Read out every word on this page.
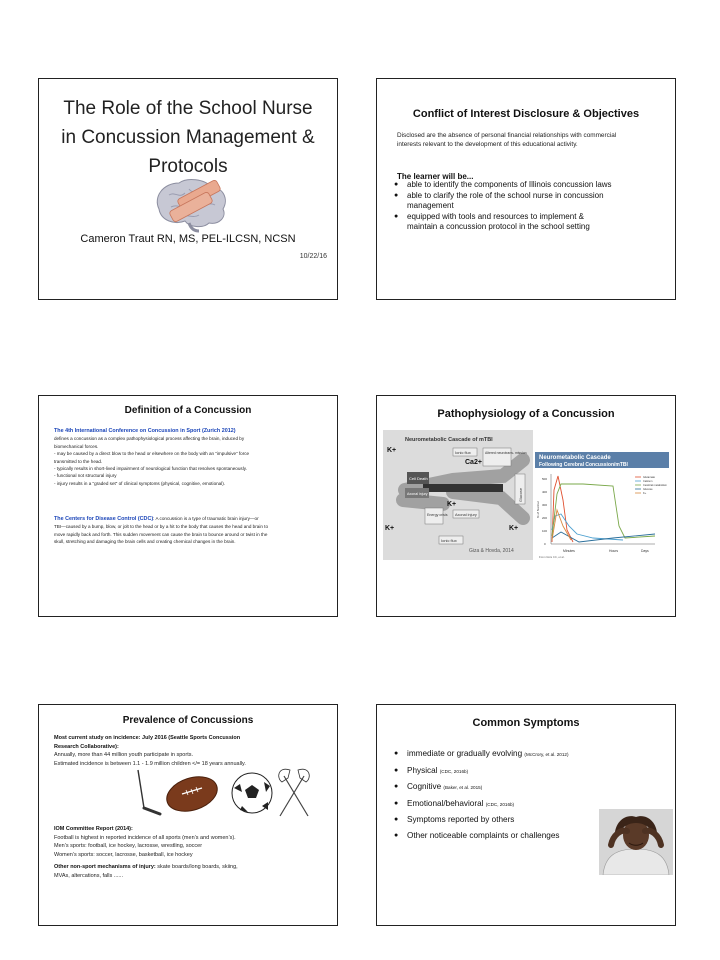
The Role of the School Nurse
in Concussion Management &
Protocols
Cameron Traut RN, MS, PEL-ILCSN, NCSN
10/22/16
Conflict of Interest Disclosure & Objectives
Disclosed are the absence of personal financial relationships with commercial
interests relevant to the development of this educational activity.
The learner will be...
● able to identify the components of Illinois concussion laws
● able to clarify the role of the school nurse in concussion
management
● equipped with tools and resources to implement &
maintain a concussion protocol in the school setting
Definition of a Concussion
The 4th International Conference on Concussion in Sport (Zurich 2012)
defines a concussion as a complex pathophysiological process affecting the brain, induced by
biomechanical forces.
- may be caused by a direct blow to the head or elsewhere on the body with an “impulsive” force
transmitted to the head.
- typically results in short-lived impairment of neurological function that resolves spontaneously.
- functional not structural injury
- injury results in a “graded set” of clinical symptoms (physical, cognitive, emotional).
The Centers for Disease Control (CDC): A concussion is a type of traumatic brain injury—or
TBI—caused by a bump, blow, or jolt to the head or by a hit to the body that causes the head and brain to
move rapidly back and forth. This sudden movement can cause the brain to bounce around or twist in the
skull, stretching and damaging the brain cells and creating chemical changes in the brain.
Pathophysiology of a Concussion
Neurometabolic Cascade of mTBI
Cell Death
Axonal injury
Ionic flux	Altered neurotrans- mission
Energy crisis Axonal injury
Ionic flux
Glucose
K+
Ca2+
K+
K+	K+
Giza & Hovda, 2014
Neurometabolic Cascade
Following Cerebral Concussion/mTBI
% of Normal
500
400
300
200
100
0
Glutamate
Calcium
Cerebral metabolism
Glucose
K+
Minutes	Hours	Days
From Giza CC, et al.
Prevalence of Concussions
Most current study on incidence: July 2016 (Seattle Sports Concussion
Research Collaborative):
Annually, more than 44 million youth participate in sports.
Estimated incidence is between 1.1 - 1.9 million children </= 18 years annually.
IOM Committee Report (2014):
Football is highest in reported incidence of all sports (men’s and women’s).
Men’s sports: football, ice hockey, lacrosse, wrestling, soccer
Women’s sports: soccer, lacrosse, basketball, ice hockey
Other non-sport mechanisms of injury: skate boards/long boards, skiing,
MVAs, altercations, falls ......
Common Symptoms
● immediate or gradually evolving (McCrory, et al. 2012)
● Physical (CDC, 2016b)
● Cognitive (Baker, et al. 2015)
● Emotional/behavioral (CDC, 2016b)
● Symptoms reported by others
● Other noticeable complaints or challenges
